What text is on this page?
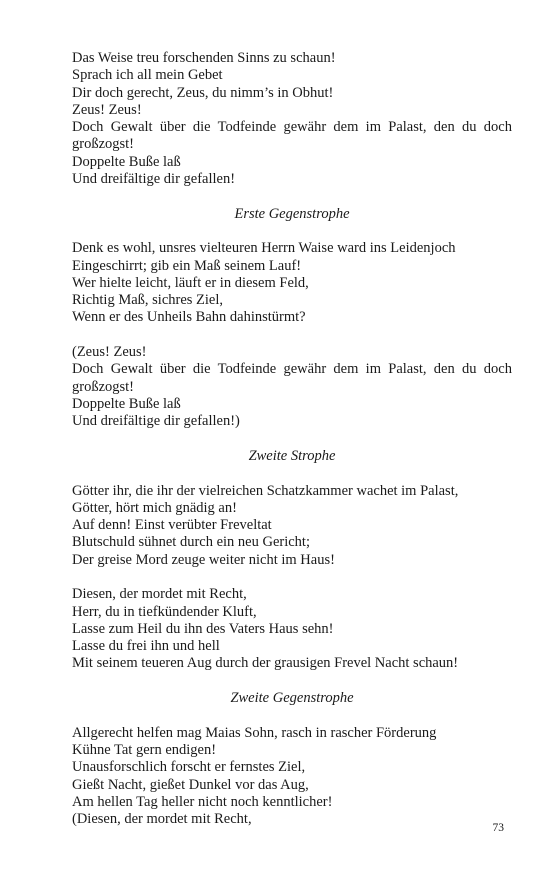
Das Weise treu forschenden Sinns zu schaun!
Sprach ich all mein Gebet
Dir doch gerecht, Zeus, du nimm’s in Obhut!
Zeus! Zeus!
Doch Gewalt über die Todfeinde gewähr dem im Palast, den du doch großzogst!
Doppelte Buße laß
Und dreifältige dir gefallen!
Erste Gegenstrophe
Denk es wohl, unsres vielteuren Herrn Waise ward ins Leidenjoch
Eingeschirrt; gib ein Maß seinem Lauf!
Wer hielte leicht, läuft er in diesem Feld,
Richtig Maß, sichres Ziel,
Wenn er des Unheils Bahn dahinstürmt?
(Zeus! Zeus!
Doch Gewalt über die Todfeinde gewähr dem im Palast, den du doch großzogst!
Doppelte Buße laß
Und dreifältige dir gefallen!)
Zweite Strophe
Götter ihr, die ihr der vielreichen Schatzkammer wachet im Palast,
Götter, hört mich gnädig an!
Auf denn! Einst verübter Freveltat
Blutschuld sühnet durch ein neu Gericht;
Der greise Mord zeuge weiter nicht im Haus!
Diesen, der mordet mit Recht,
Herr, du in tiefkündender Kluft,
Lasse zum Heil du ihn des Vaters Haus sehn!
Lasse du frei ihn und hell
Mit seinem teueren Aug durch der grausigen Frevel Nacht schaun!
Zweite Gegenstrophe
Allgerecht helfen mag Maias Sohn, rasch in rascher Förderung
Kühne Tat gern endigen!
Unausforschlich forscht er fernstes Ziel,
Gießt Nacht, gießet Dunkel vor das Aug,
Am hellen Tag heller nicht noch kenntlicher!
(Diesen, der mordet mit Recht,
73
